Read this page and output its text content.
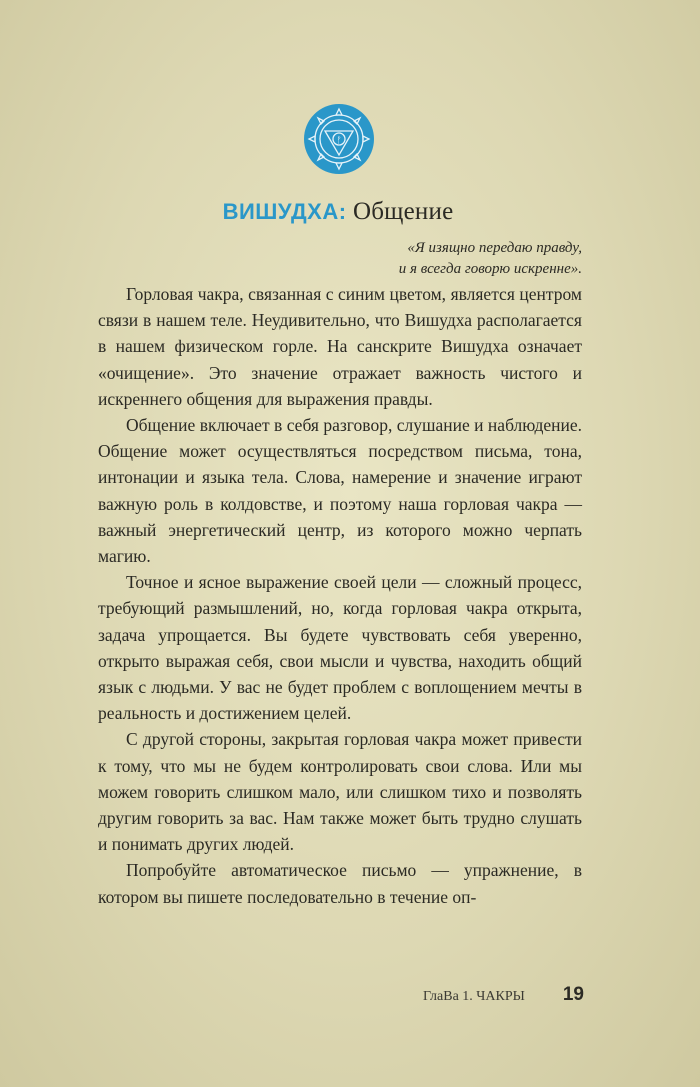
ᚠ
ВИШУДХА: Общение
«Я изящно передаю правду,
и я всегда говорю искренне».

Горловая чакра, связанная с синим цветом, является центром связи в нашем теле. Неудивительно, что Вишудха располагается в нашем физическом горле. На санскрите Вишудха означает «очищение». Это значение отражает важность чистого и искреннего общения для выражения правды.

Общение включает в себя разговор, слушание и наблюдение. Общение может осуществляться посредством письма, тона, интонации и языка тела. Слова, намерение и значение играют важную роль в колдовстве, и поэтому наша горловая чакра — важный энергетический центр, из которого можно черпать магию.

Точное и ясное выражение своей цели — сложный процесс, требующий размышлений, но, когда горловая чакра открыта, задача упрощается. Вы будете чувствовать себя уверенно, открыто выражая себя, свои мысли и чувства, находить общий язык с людьми. У вас не будет проблем с воплощением мечты в реальность и достижением целей.

С другой стороны, закрытая горловая чакра может привести к тому, что мы не будем контролировать свои слова. Или мы можем говорить слишком мало, или слишком тихо и позволять другим говорить за вас. Нам также может быть трудно слушать и понимать других людей.

Попробуйте автоматическое письмо — упражнение, в котором вы пишете последовательно в течение оп-

ГлаВа 1. ЧАКРЫ 19
